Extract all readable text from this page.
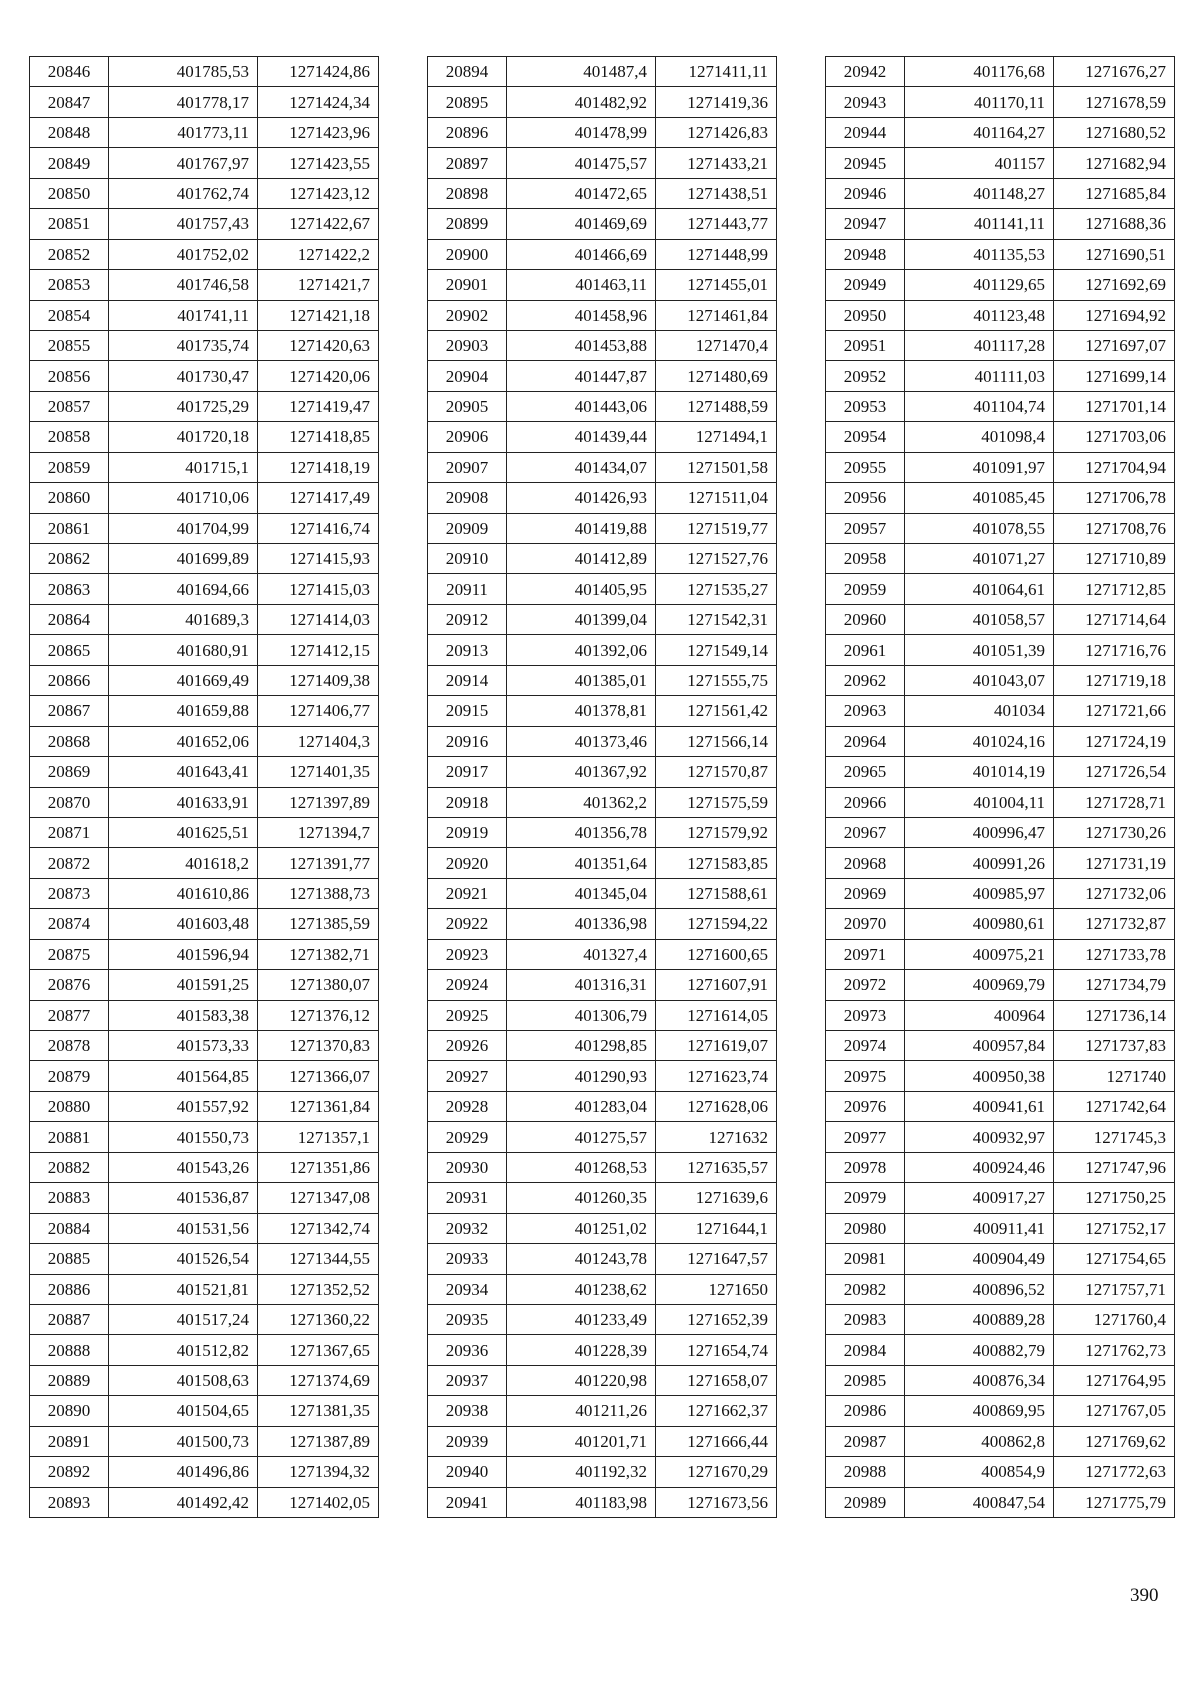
20846	401785,53	1271424,86
20847	401778,17	1271424,34
20848	401773,11	1271423,96
20849	401767,97	1271423,55
20850	401762,74	1271423,12
20851	401757,43	1271422,67
20852	401752,02	1271422,2
20853	401746,58	1271421,7
20854	401741,11	1271421,18
20855	401735,74	1271420,63
20856	401730,47	1271420,06
20857	401725,29	1271419,47
20858	401720,18	1271418,85
20859	401715,1	1271418,19
20860	401710,06	1271417,49
20861	401704,99	1271416,74
20862	401699,89	1271415,93
20863	401694,66	1271415,03
20864	401689,3	1271414,03
20865	401680,91	1271412,15
20866	401669,49	1271409,38
20867	401659,88	1271406,77
20868	401652,06	1271404,3
20869	401643,41	1271401,35
20870	401633,91	1271397,89
20871	401625,51	1271394,7
20872	401618,2	1271391,77
20873	401610,86	1271388,73
20874	401603,48	1271385,59
20875	401596,94	1271382,71
20876	401591,25	1271380,07
20877	401583,38	1271376,12
20878	401573,33	1271370,83
20879	401564,85	1271366,07
20880	401557,92	1271361,84
20881	401550,73	1271357,1
20882	401543,26	1271351,86
20883	401536,87	1271347,08
20884	401531,56	1271342,74
20885	401526,54	1271344,55
20886	401521,81	1271352,52
20887	401517,24	1271360,22
20888	401512,82	1271367,65
20889	401508,63	1271374,69
20890	401504,65	1271381,35
20891	401500,73	1271387,89
20892	401496,86	1271394,32
20893	401492,42	1271402,05
20894	401487,4	1271411,11
20895	401482,92	1271419,36
20896	401478,99	1271426,83
20897	401475,57	1271433,21
20898	401472,65	1271438,51
20899	401469,69	1271443,77
20900	401466,69	1271448,99
20901	401463,11	1271455,01
20902	401458,96	1271461,84
20903	401453,88	1271470,4
20904	401447,87	1271480,69
20905	401443,06	1271488,59
20906	401439,44	1271494,1
20907	401434,07	1271501,58
20908	401426,93	1271511,04
20909	401419,88	1271519,77
20910	401412,89	1271527,76
20911	401405,95	1271535,27
20912	401399,04	1271542,31
20913	401392,06	1271549,14
20914	401385,01	1271555,75
20915	401378,81	1271561,42
20916	401373,46	1271566,14
20917	401367,92	1271570,87
20918	401362,2	1271575,59
20919	401356,78	1271579,92
20920	401351,64	1271583,85
20921	401345,04	1271588,61
20922	401336,98	1271594,22
20923	401327,4	1271600,65
20924	401316,31	1271607,91
20925	401306,79	1271614,05
20926	401298,85	1271619,07
20927	401290,93	1271623,74
20928	401283,04	1271628,06
20929	401275,57	1271632
20930	401268,53	1271635,57
20931	401260,35	1271639,6
20932	401251,02	1271644,1
20933	401243,78	1271647,57
20934	401238,62	1271650
20935	401233,49	1271652,39
20936	401228,39	1271654,74
20937	401220,98	1271658,07
20938	401211,26	1271662,37
20939	401201,71	1271666,44
20940	401192,32	1271670,29
20941	401183,98	1271673,56
20942	401176,68	1271676,27
20943	401170,11	1271678,59
20944	401164,27	1271680,52
20945	401157	1271682,94
20946	401148,27	1271685,84
20947	401141,11	1271688,36
20948	401135,53	1271690,51
20949	401129,65	1271692,69
20950	401123,48	1271694,92
20951	401117,28	1271697,07
20952	401111,03	1271699,14
20953	401104,74	1271701,14
20954	401098,4	1271703,06
20955	401091,97	1271704,94
20956	401085,45	1271706,78
20957	401078,55	1271708,76
20958	401071,27	1271710,89
20959	401064,61	1271712,85
20960	401058,57	1271714,64
20961	401051,39	1271716,76
20962	401043,07	1271719,18
20963	401034	1271721,66
20964	401024,16	1271724,19
20965	401014,19	1271726,54
20966	401004,11	1271728,71
20967	400996,47	1271730,26
20968	400991,26	1271731,19
20969	400985,97	1271732,06
20970	400980,61	1271732,87
20971	400975,21	1271733,78
20972	400969,79	1271734,79
20973	400964	1271736,14
20974	400957,84	1271737,83
20975	400950,38	1271740
20976	400941,61	1271742,64
20977	400932,97	1271745,3
20978	400924,46	1271747,96
20979	400917,27	1271750,25
20980	400911,41	1271752,17
20981	400904,49	1271754,65
20982	400896,52	1271757,71
20983	400889,28	1271760,4
20984	400882,79	1271762,73
20985	400876,34	1271764,95
20986	400869,95	1271767,05
20987	400862,8	1271769,62
20988	400854,9	1271772,63
20989	400847,54	1271775,79
390
